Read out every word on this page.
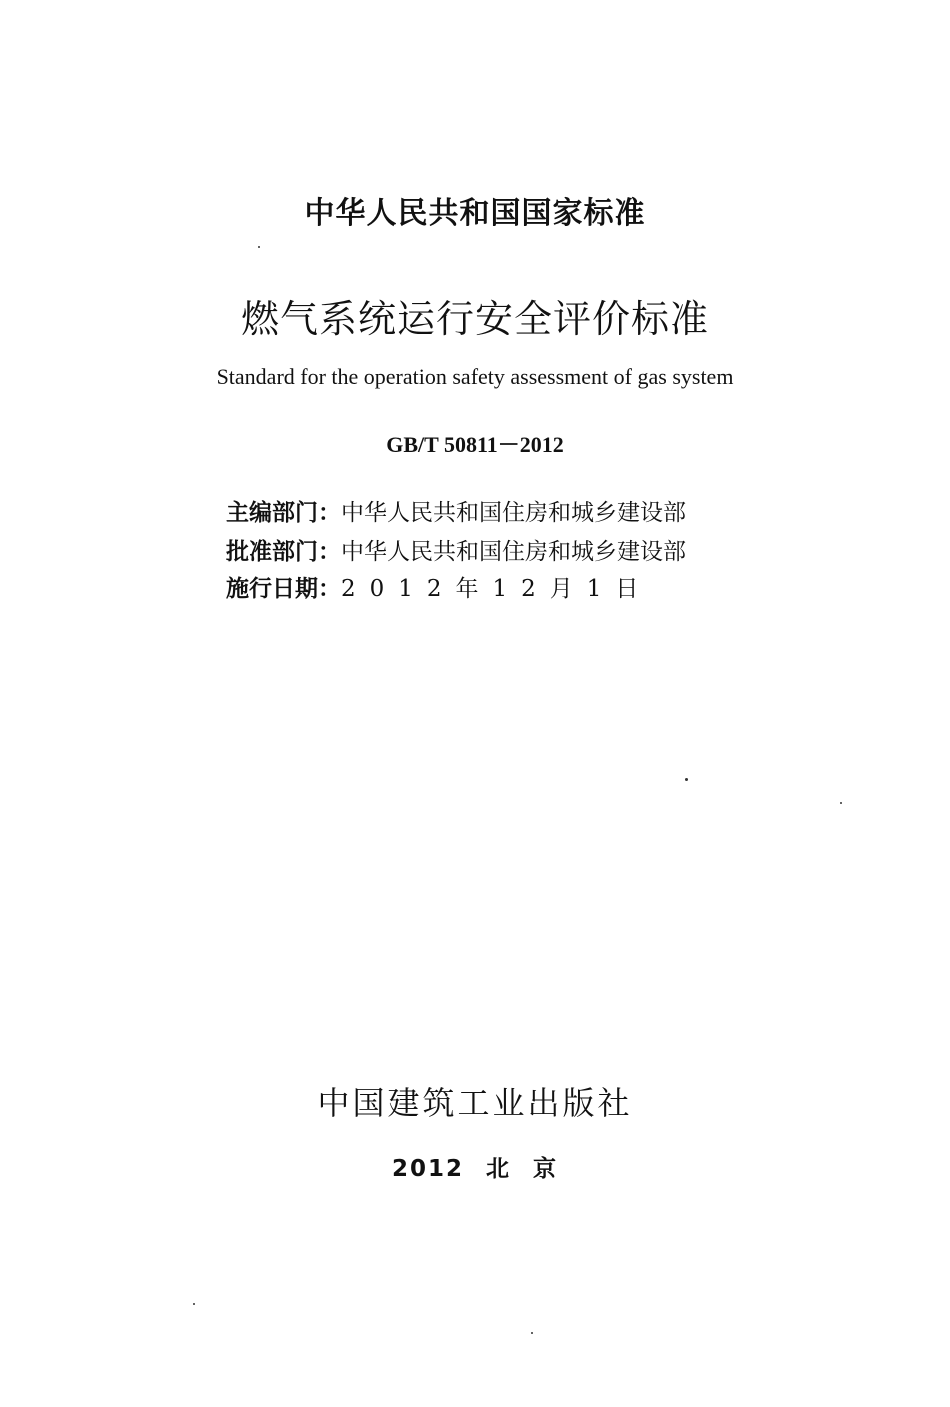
中华人民共和国国家标准
燃气系统运行安全评价标准
Standard for the operation safety assessment of gas system
GB/T 50811－2012
主编部门：中华人民共和国住房和城乡建设部
批准部门：中华人民共和国住房和城乡建设部
施行日期：2012年12月1日
中国建筑工业出版社
2012 北 京
